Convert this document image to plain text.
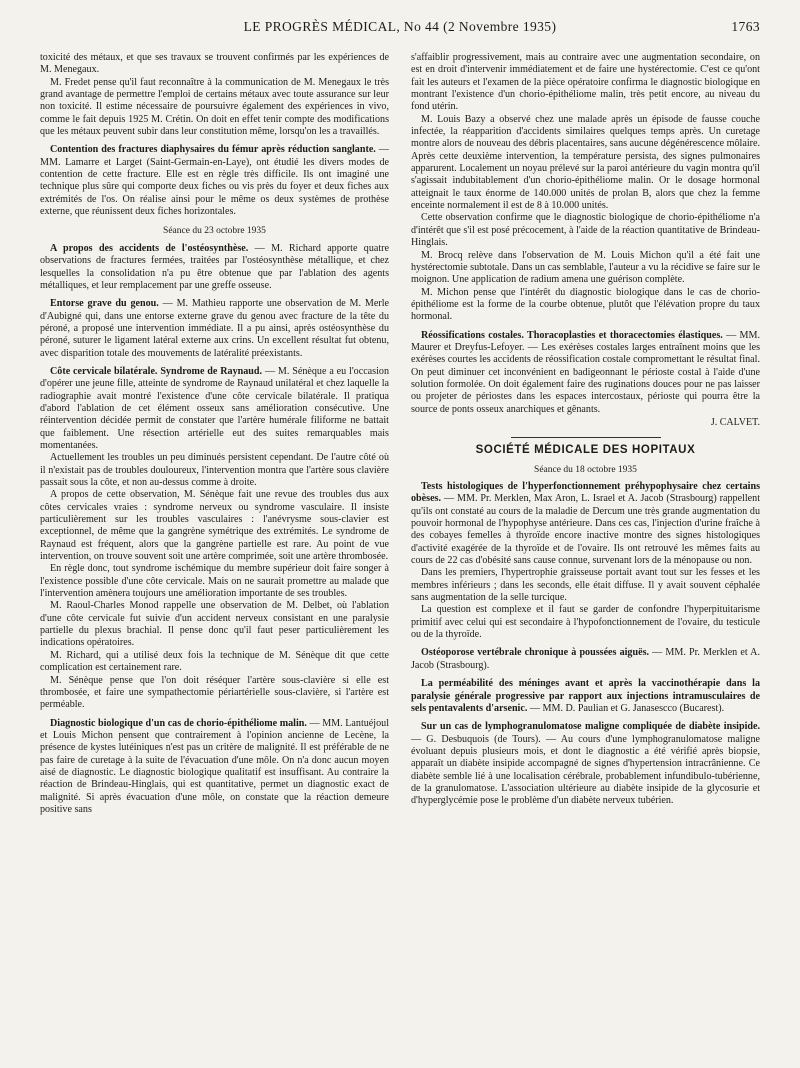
LE PROGRÈS MÉDICAL, No 44 (2 Novembre 1935)	1763

toxicité des métaux, et que ses travaux se trouvent confirmés par les expériences de M. Menegaux.

M. Fredet pense qu'il faut reconnaître à la communication de M. Menegaux le très grand avantage de permettre l'emploi de certains métaux avec toute assurance sur leur non toxicité. Il estime nécessaire de poursuivre également des expériences in vivo, comme le fait depuis 1925 M. Crétin. On doit en effet tenir compte des modifications que les métaux peuvent subir dans leur constitution même, lorsqu'on les a travaillés.

Contention des fractures diaphysaires du fémur après réduction sanglante. — MM. Lamarre et Larget (Saint-Germain-en-Laye), ont étudié les divers modes de contention de cette fracture. Elle est en règle très difficile. Ils ont imaginé une technique plus sûre qui comporte deux fiches ou vis près du foyer et deux fiches aux extrémités de l'os. On réalise ainsi pour le même os deux systèmes de prothèse externe, que réunissent deux fiches horizontales.

Séance du 23 octobre 1935

A propos des accidents de l'ostéosynthèse. — M. Richard apporte quatre observations de fractures fermées, traitées par l'ostéosynthèse métallique, et chez lesquelles la consolidation n'a pu être obtenue que par l'ablation des agents métalliques, et leur remplacement par une greffe osseuse.

Entorse grave du genou. — M. Mathieu rapporte une observation de M. Merle d'Aubigné qui, dans une entorse externe grave du genou avec fracture de la tête du péroné, a proposé une intervention immédiate. Il a pu ainsi, après ostéosynthèse du péroné, suturer le ligament latéral externe aux crins. Un excellent résultat fut obtenu, avec disparition totale des mouvements de latéralité préexistants.

Côte cervicale bilatérale. Syndrome de Raynaud. — M. Sénèque a eu l'occasion d'opérer une jeune fille, atteinte de syndrome de Raynaud unilatéral et chez laquelle la radiographie avait montré l'existence d'une côte cervicale bilatérale. Il pratiqua d'abord l'ablation de cet élément osseux sans amélioration consécutive. Une réintervention décidée permit de constater que l'artère humérale filiforme ne battait que faiblement. Une résection artérielle eut des suites remarquables mais momentanées.

Actuellement les troubles un peu diminués persistent cependant. De l'autre côté où il n'existait pas de troubles douloureux, l'intervention montra que l'artère sous clavière passait sous la côte, et non au-dessus comme à droite.

A propos de cette observation, M. Sénèque fait une revue des troubles dus aux côtes cervicales vraies : syndrome nerveux ou syndrome vasculaire. Il insiste particulièrement sur les troubles vasculaires : l'anévrysme sous-clavier est exceptionnel, de même que la gangrène symétrique des extrémités. Le syndrome de Raynaud est fréquent, alors que la gangrène partielle est rare. Au point de vue intervention, on trouve souvent soit une artère comprimée, soit une artère thrombosée.

En règle donc, tout syndrome ischémique du membre supérieur doit faire songer à l'existence possible d'une côte cervicale. Mais on ne saurait promettre au malade que l'intervention amènera toujours une amélioration importante de ses troubles.

M. Raoul-Charles Monod rappelle une observation de M. Delbet, où l'ablation d'une côte cervicale fut suivie d'un accident nerveux consistant en une paralysie partielle du plexus brachial. Il pense donc qu'il faut peser particulièrement les indications opératoires.

M. Richard, qui a utilisé deux fois la technique de M. Sénèque dit que cette complication est certainement rare.

M. Sénèque pense que l'on doit réséquer l'artère sous-clavière si elle est thrombosée, et faire une sympathectomie périartérielle sous-clavière, si l'artère est perméable.

Diagnostic biologique d'un cas de chorio-épithéliome malin. — MM. Lantuéjoul et Louis Michon pensent que contrairement à l'opinion ancienne de Lecène, la présence de kystes lutéiniques n'est pas un critère de malignité. Il est préférable de ne pas faire de curetage à la suite de l'évacuation d'une môle. On n'a donc aucun moyen aisé de diagnostic. Le diagnostic biologique qualitatif est insuffisant. Au contraire la réaction de Brindeau-Hinglais, qui est quantitative, permet un diagnostic exact de malignité. Si après évacuation d'une môle, on constate que la réaction demeure positive sans

s'affaiblir progressivement, mais au contraire avec une augmentation secondaire, on est en droit d'intervenir immédiatement et de faire une hystérectomie. C'est ce qu'ont fait les auteurs et l'examen de la pièce opératoire confirma le diagnostic biologique en montrant l'existence d'un chorio-épithéliome malin, très petit encore, au niveau du fond utérin.

M. Louis Bazy a observé chez une malade après un épisode de fausse couche infectée, la réapparition d'accidents similaires quelques temps après. Un curetage montre alors de nouveau des débris placentaires, sans aucune dégénérescence môlaire. Après cette deuxième intervention, la température persista, des signes pulmonaires apparurent. Localement un noyau prélevé sur la paroi antérieure du vagin montra qu'il s'agissait indubitablement d'un chorio-épithéliome malin. Or le dosage hormonal atteignait le taux énorme de 140.000 unités de prolan B, alors que chez la femme enceinte normalement il est de 8 à 10.000 unités.

Cette observation confirme que le diagnostic biologique de chorio-épithéliome n'a d'intérêt que s'il est posé précocement, à l'aide de la réaction quantitative de Brindeau-Hinglais.

M. Brocq relève dans l'observation de M. Louis Michon qu'il a été fait une hystérectomie subtotale. Dans un cas semblable, l'auteur a vu la récidive se faire sur le moignon. Une application de radium amena une guérison complète.

M. Michon pense que l'intérêt du diagnostic biologique dans le cas de chorio-épithéliome est la forme de la courbe obtenue, plutôt que l'élévation propre du taux hormonal.

Réossifications costales. Thoracoplasties et thoracectomies élastiques. — MM. Maurer et Dreyfus-Lefoyer. — Les exérèses costales larges entraînent moins que les exérèses courtes les accidents de réossification costale compromettant le résultat final. On peut diminuer cet inconvénient en badigeonnant le périoste costal à l'aide d'une solution formolée. On doit également faire des ruginations douces pour ne pas laisser ou projeter de périostes dans les espaces intercostaux, périoste qui pourra être la source de ponts osseux anarchiques et gênants.

J. CALVET.
SOCIÉTÉ MÉDICALE DES HOPITAUX
Séance du 18 octobre 1935

Tests histologiques de l'hyperfonctionnement préhypophysaire chez certains obèses. — MM. Pr. Merklen, Max Aron, L. Israel et A. Jacob (Strasbourg) rappellent qu'ils ont constaté au cours de la maladie de Dercum une très grande augmentation du pouvoir hormonal de l'hypophyse antérieure. Dans ces cas, l'injection d'urine fraîche à des cobayes femelles à thyroïde encore inactive montre des signes histologiques d'activité exagérée de la thyroïde et de l'ovaire. Ils ont retrouvé les mêmes faits au cours de 22 cas d'obésité sans cause connue, survenant lors de la ménopause ou non.

Dans les premiers, l'hypertrophie graisseuse portait avant tout sur les fesses et les membres inférieurs ; dans les seconds, elle était diffuse. Il y avait souvent céphalée sans augmentation de la selle turcique.

La question est complexe et il faut se garder de confondre l'hyperpituitarisme primitif avec celui qui est secondaire à l'hypofonctionnement de l'ovaire, du testicule ou de la thyroïde.

Ostéoporose vertébrale chronique à poussées aiguës. — MM. Pr. Merklen et A. Jacob (Strasbourg).

La perméabilité des méninges avant et après la vaccinothérapie dans la paralysie générale progressive par rapport aux injections intramusculaires de sels pentavalents d'arsenic. — MM. D. Paulian et G. Janasescco (Bucarest).

Sur un cas de lymphogranulomatose maligne compliquée de diabète insipide. — G. Desbuquois (de Tours). — Au cours d'une lymphogranulomatose maligne évoluant depuis plusieurs mois, et dont le diagnostic a été vérifié après biopsie, apparaît un diabète insipide accompagné de signes d'hypertension intracrânienne. Ce diabète semble lié à une localisation cérébrale, probablement infundibulo-tubérienne, de la granulomatose. L'association ultérieure au diabète insipide de la glycosurie et d'hyperglycémie pose le problème d'un diabète nerveux tubérien.
